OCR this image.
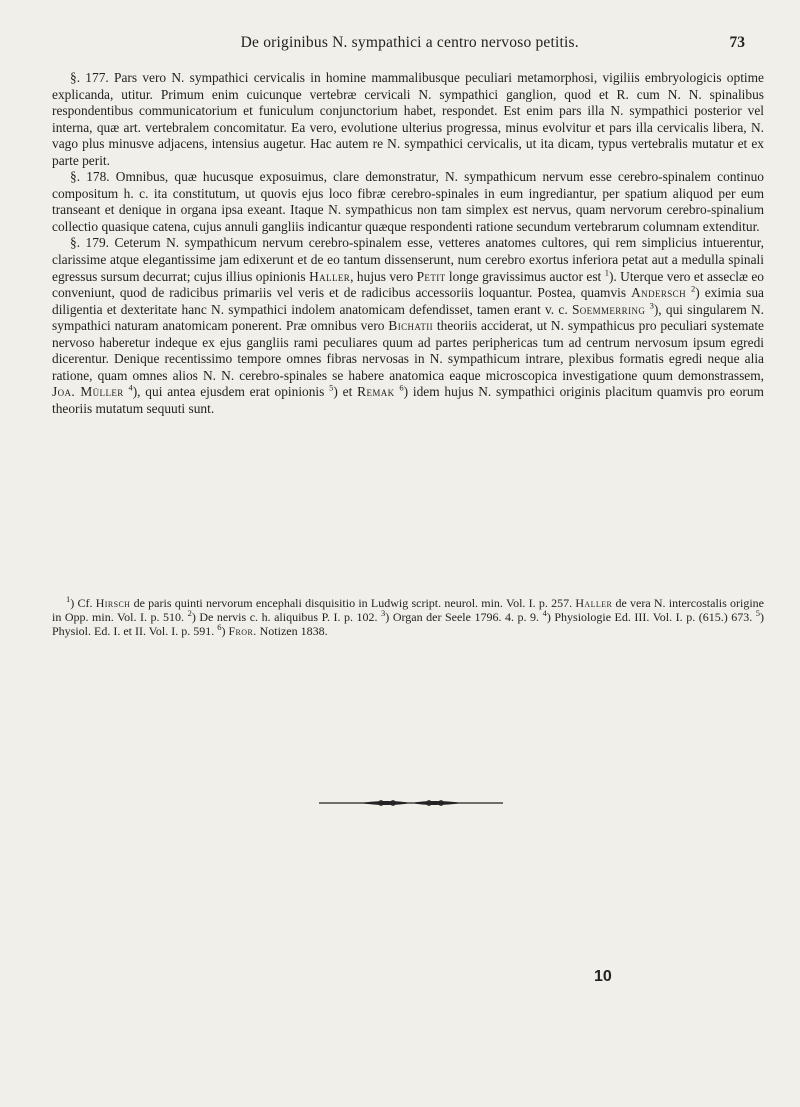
De originibus N. sympathici a centro nervoso petitis.	73

§. 177. Pars vero N. sympathici cervicalis in homine mammalibusque peculiari metamorphosi, vigiliis embryologicis optime explicanda, utitur. Primum enim cuicunque vertebræ cervicali N. sympathici ganglion, quod et R. cum N. N. spinalibus respondentibus communicatorium et funiculum conjunctorium habet, respondet. Est enim pars illa N. sympathici posterior vel interna, quæ art. vertebralem concomitatur. Ea vero, evolutione ulterius progressa, minus evolvitur et pars illa cervicalis libera, N. vago plus minusve adjacens, intensius augetur. Hac autem re N. sympathici cervicalis, ut ita dicam, typus vertebralis mutatur et ex parte perit.

§. 178. Omnibus, quæ hucusque exposuimus, clare demonstratur, N. sympathicum nervum esse cerebro-spinalem continuo compositum h. c. ita constitutum, ut quovis ejus loco fibræ cerebro-spinales in eum ingrediantur, per spatium aliquod per eum transeant et denique in organa ipsa exeant. Itaque N. sympathicus non tam simplex est nervus, quam nervorum cerebro-spinalium collectio quasique catena, cujus annuli gangliis indicantur quæque respondenti ratione secundum vertebrarum columnam extenditur.

§. 179. Ceterum N. sympathicum nervum cerebro-spinalem esse, vetteres anatomes cultores, qui rem simplicius intuerentur, clarissime atque elegantissime jam edixerunt et de eo tantum dissenserunt, num cerebro exortus inferiora petat aut a medulla spinali egressus sursum decurrat; cujus illius opinionis Haller, hujus vero Petit longe gravissimus auctor est $^1$). Uterque vero et asseclæ eo conveniunt, quod de radicibus primariis vel veris et de radicibus accessoriis loquantur. Postea, quamvis Andersch $^2$) eximia sua diligentia et dexteritate hanc N. sympathici indolem anatomicam defendisset, tamen erant v. c. Soemmerring $^3$), qui singularem N. sympathici naturam anatomicam ponerent. Præ omnibus vero Bichatii theoriis acciderat, ut N. sympathicus pro peculiari systemate nervoso haberetur indeque ex ejus gangliis rami peculiares quum ad partes periphericas tum ad centrum nervosum ipsum egredi dicerentur. Denique recentissimo tempore omnes fibras nervosas in N. sympathicum intrare, plexibus formatis egredi neque alia ratione, quam omnes alios N. N. cerebro-spinales se habere anatomica eaque microscopica investigatione quum demonstrassem, Joa. Müller $^4$), qui antea ejusdem erat opinionis $^5$) et Remak $^6$) idem hujus N. sympathici originis placitum quamvis pro eorum theoriis mutatum sequuti sunt.

$^1$) Cf. Hirsch de paris quinti nervorum encephali disquisitio in Ludwig script. neurol. min. Vol. I. p. 257. Haller de vera N. intercostalis origine in Opp. min. Vol. I. p. 510. $^2$) De nervis c. h. aliquibus P. I. p. 102. $^3$) Organ der Seele 1796. 4. p. 9. $^4$) Physiologie Ed. III. Vol. I. p. (615.) 673. $^5$) Physiol. Ed. I. et II. Vol. I. p. 591. $^6$) Fror. Notizen 1838.

10
